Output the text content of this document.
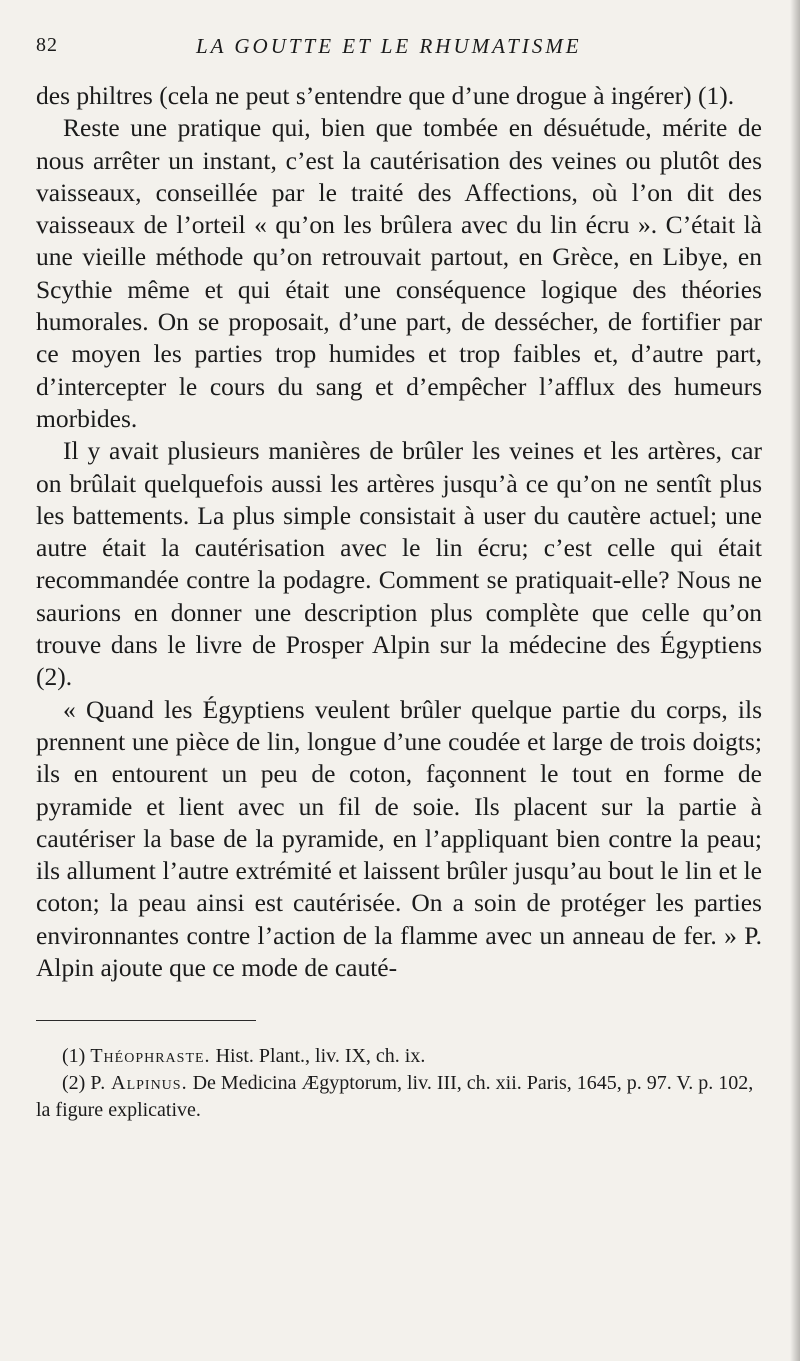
82	LA GOUTTE ET LE RHUMATISME

des philtres (cela ne peut s’entendre que d’une drogue à ingérer) (1).

Reste une pratique qui, bien que tombée en désuétude, mérite de nous arrêter un instant, c’est la cautérisation des veines ou plutôt des vaisseaux, conseillée par le traité des Affections, où l’on dit des vaisseaux de l’orteil « qu’on les brûlera avec du lin écru ». C’était là une vieille méthode qu’on retrouvait partout, en Grèce, en Libye, en Scythie même et qui était une conséquence logique des théories humorales. On se proposait, d’une part, de dessécher, de fortifier par ce moyen les parties trop humides et trop faibles et, d’autre part, d’intercepter le cours du sang et d’empêcher l’afflux des humeurs morbides.

Il y avait plusieurs manières de brûler les veines et les artères, car on brûlait quelquefois aussi les artères jusqu’à ce qu’on ne sentît plus les battements. La plus simple consistait à user du cautère actuel; une autre était la cautérisation avec le lin écru; c’est celle qui était recommandée contre la podagre. Comment se pratiquait-elle? Nous ne saurions en donner une description plus complète que celle qu’on trouve dans le livre de Prosper Alpin sur la médecine des Égyptiens (2).

« Quand les Égyptiens veulent brûler quelque partie du corps, ils prennent une pièce de lin, longue d’une coudée et large de trois doigts; ils en entourent un peu de coton, façonnent le tout en forme de pyramide et lient avec un fil de soie. Ils placent sur la partie à cautériser la base de la pyramide, en l’appliquant bien contre la peau; ils allument l’autre extrémité et laissent brûler jusqu’au bout le lin et le coton; la peau ainsi est cautérisée. On a soin de protéger les parties environnantes contre l’action de la flamme avec un anneau de fer. » P. Alpin ajoute que ce mode de cauté-

(1) Théophraste. Hist. Plant., liv. IX, ch. ix.

(2) P. Alpinus. De Medicina Ægyptorum, liv. III, ch. xii. Paris, 1645, p. 97. V. p. 102, la figure explicative.
